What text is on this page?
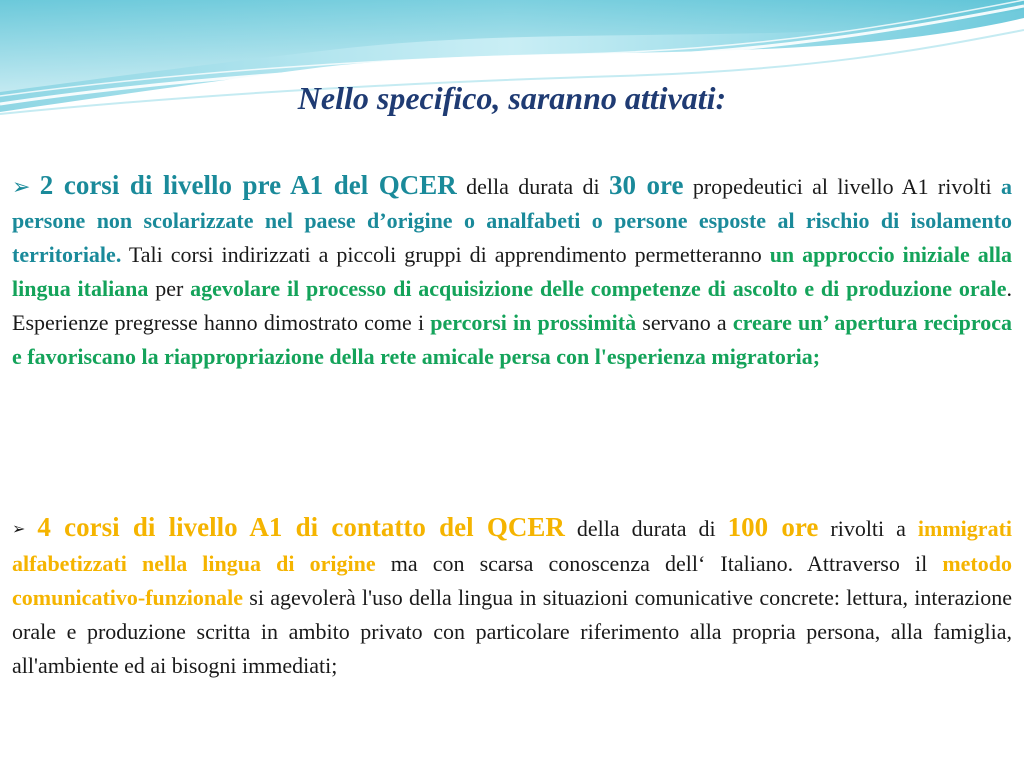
Nello specifico, saranno attivati:
➢ 2 corsi di livello pre A1 del QCER della durata di 30 ore propedeutici al livello A1 rivolti a persone non scolarizzate nel paese d’origine o analfabeti o persone esposte al rischio di isolamento territoriale. Tali corsi indirizzati a piccoli gruppi di apprendimento permetteranno un approccio iniziale alla lingua italiana per agevolare il processo di acquisizione delle competenze di ascolto e di produzione orale. Esperienze pregresse hanno dimostrato come i percorsi in prossimità servano a creare un’ apertura reciproca e favoriscano la riappropriazione della rete amicale persa con l'esperienza migratoria;
➢ 4 corsi di livello A1 di contatto del QCER della durata di 100 ore rivolti a immigrati alfabetizzati nella lingua di origine ma con scarsa conoscenza dell‘ Italiano. Attraverso il metodo comunicativo-funzionale si agevolerà l'uso della lingua in situazioni comunicative concrete: lettura, interazione orale e produzione scritta in ambito privato con particolare riferimento alla propria persona, alla famiglia, all'ambiente ed ai bisogni immediati;
